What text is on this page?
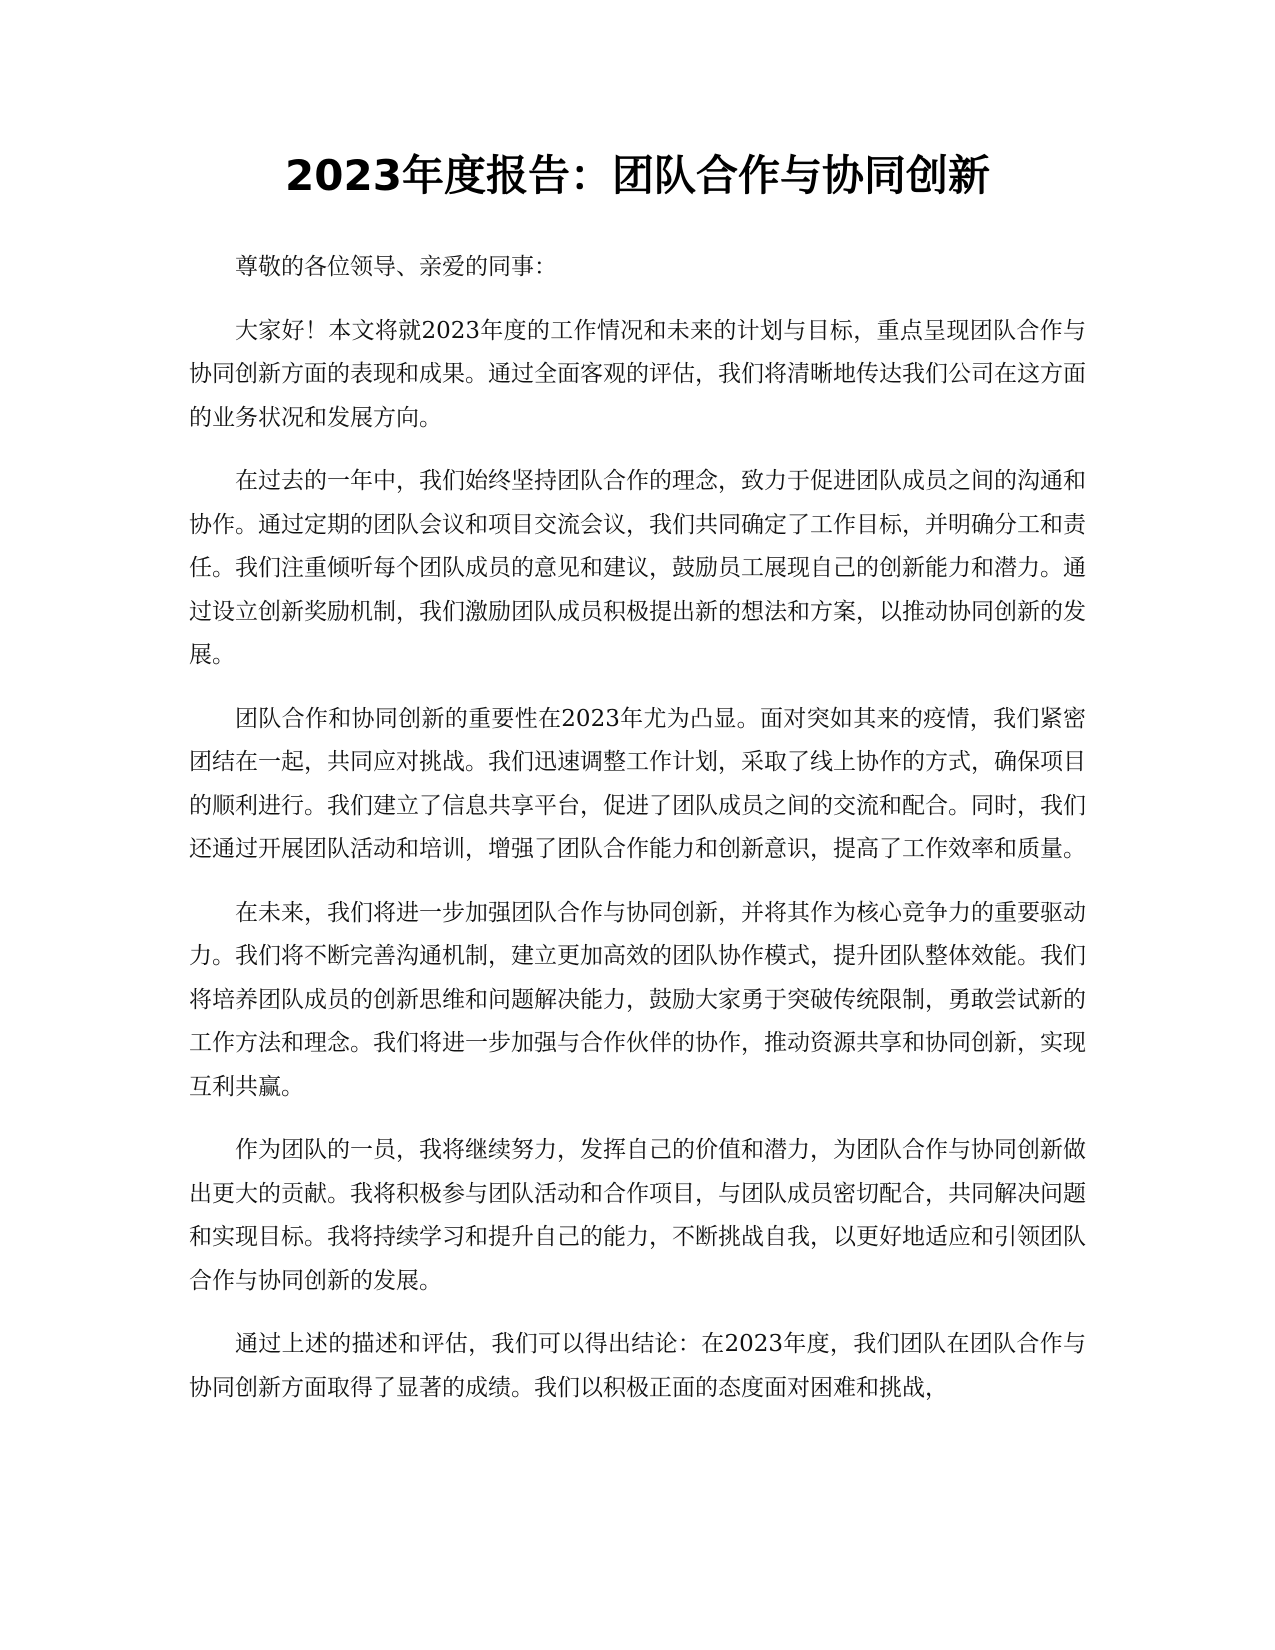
2023年度报告：团队合作与协同创新

尊敬的各位领导、亲爱的同事：

大家好！本文将就2023年度的工作情况和未来的计划与目标，重点呈现团队合作与协同创新方面的表现和成果。通过全面客观的评估，我们将清晰地传达我们公司在这方面的业务状况和发展方向。

在过去的一年中，我们始终坚持团队合作的理念，致力于促进团队成员之间的沟通和协作。通过定期的团队会议和项目交流会议，我们共同确定了工作目标，并明确分工和责任。我们注重倾听每个团队成员的意见和建议，鼓励员工展现自己的创新能力和潜力。通过设立创新奖励机制，我们激励团队成员积极提出新的想法和方案，以推动协同创新的发展。

团队合作和协同创新的重要性在2023年尤为凸显。面对突如其来的疫情，我们紧密团结在一起，共同应对挑战。我们迅速调整工作计划，采取了线上协作的方式，确保项目的顺利进行。我们建立了信息共享平台，促进了团队成员之间的交流和配合。同时，我们还通过开展团队活动和培训，增强了团队合作能力和创新意识，提高了工作效率和质量。

在未来，我们将进一步加强团队合作与协同创新，并将其作为核心竞争力的重要驱动力。我们将不断完善沟通机制，建立更加高效的团队协作模式，提升团队整体效能。我们将培养团队成员的创新思维和问题解决能力，鼓励大家勇于突破传统限制，勇敢尝试新的工作方法和理念。我们将进一步加强与合作伙伴的协作，推动资源共享和协同创新，实现互利共赢。

作为团队的一员，我将继续努力，发挥自己的价值和潜力，为团队合作与协同创新做出更大的贡献。我将积极参与团队活动和合作项目，与团队成员密切配合，共同解决问题和实现目标。我将持续学习和提升自己的能力，不断挑战自我，以更好地适应和引领团队合作与协同创新的发展。

通过上述的描述和评估，我们可以得出结论：在2023年度，我们团队在团队合作与协同创新方面取得了显著的成绩。我们以积极正面的态度面对困难和挑战，
